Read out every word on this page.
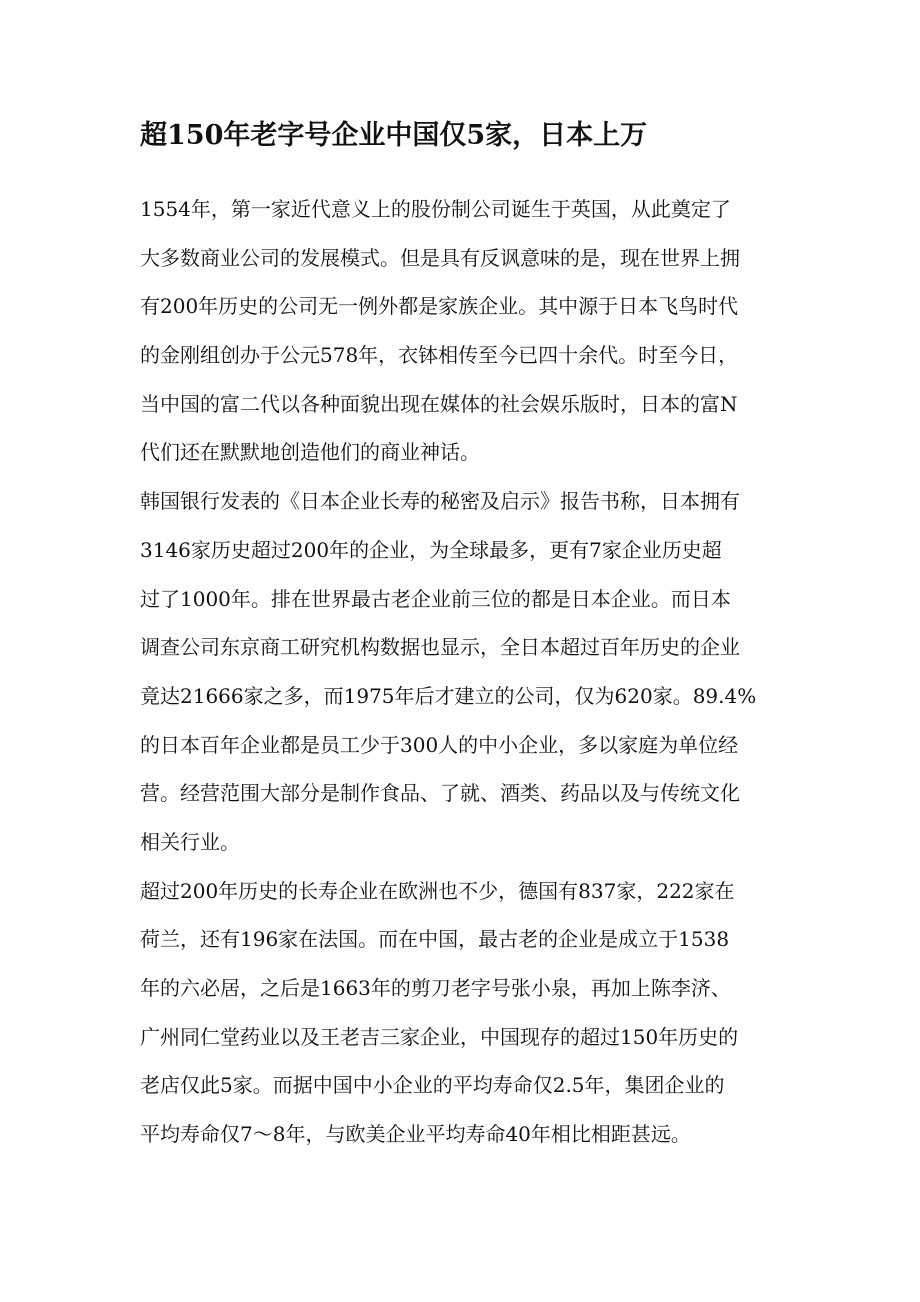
超150年老字号企业中国仅5家，日本上万

1554年，第一家近代意义上的股份制公司诞生于英国，从此奠定了
大多数商业公司的发展模式。但是具有反讽意味的是，现在世界上拥
有200年历史的公司无一例外都是家族企业。其中源于日本飞鸟时代
的金刚组创办于公元578年，衣钵相传至今已四十余代。时至今日，
当中国的富二代以各种面貌出现在媒体的社会娱乐版时，日本的富N
代们还在默默地创造他们的商业神话。

韩国银行发表的《日本企业长寿的秘密及启示》报告书称，日本拥有
3146家历史超过200年的企业，为全球最多，更有7家企业历史超
过了1000年。排在世界最古老企业前三位的都是日本企业。而日本
调查公司东京商工研究机构数据也显示，全日本超过百年历史的企业
竟达21666家之多，而1975年后才建立的公司，仅为620家。89.4%
的日本百年企业都是员工少于300人的中小企业，多以家庭为单位经
营。经营范围大部分是制作食品、了就、酒类、药品以及与传统文化
相关行业。

超过200年历史的长寿企业在欧洲也不少，德国有837家，222家在
荷兰，还有196家在法国。而在中国，最古老的企业是成立于1538
年的六必居，之后是1663年的剪刀老字号张小泉，再加上陈李济、
广州同仁堂药业以及王老吉三家企业，中国现存的超过150年历史的
老店仅此5家。而据中国中小企业的平均寿命仅2.5年，集团企业的
平均寿命仅7～8年，与欧美企业平均寿命40年相比相距甚远。
